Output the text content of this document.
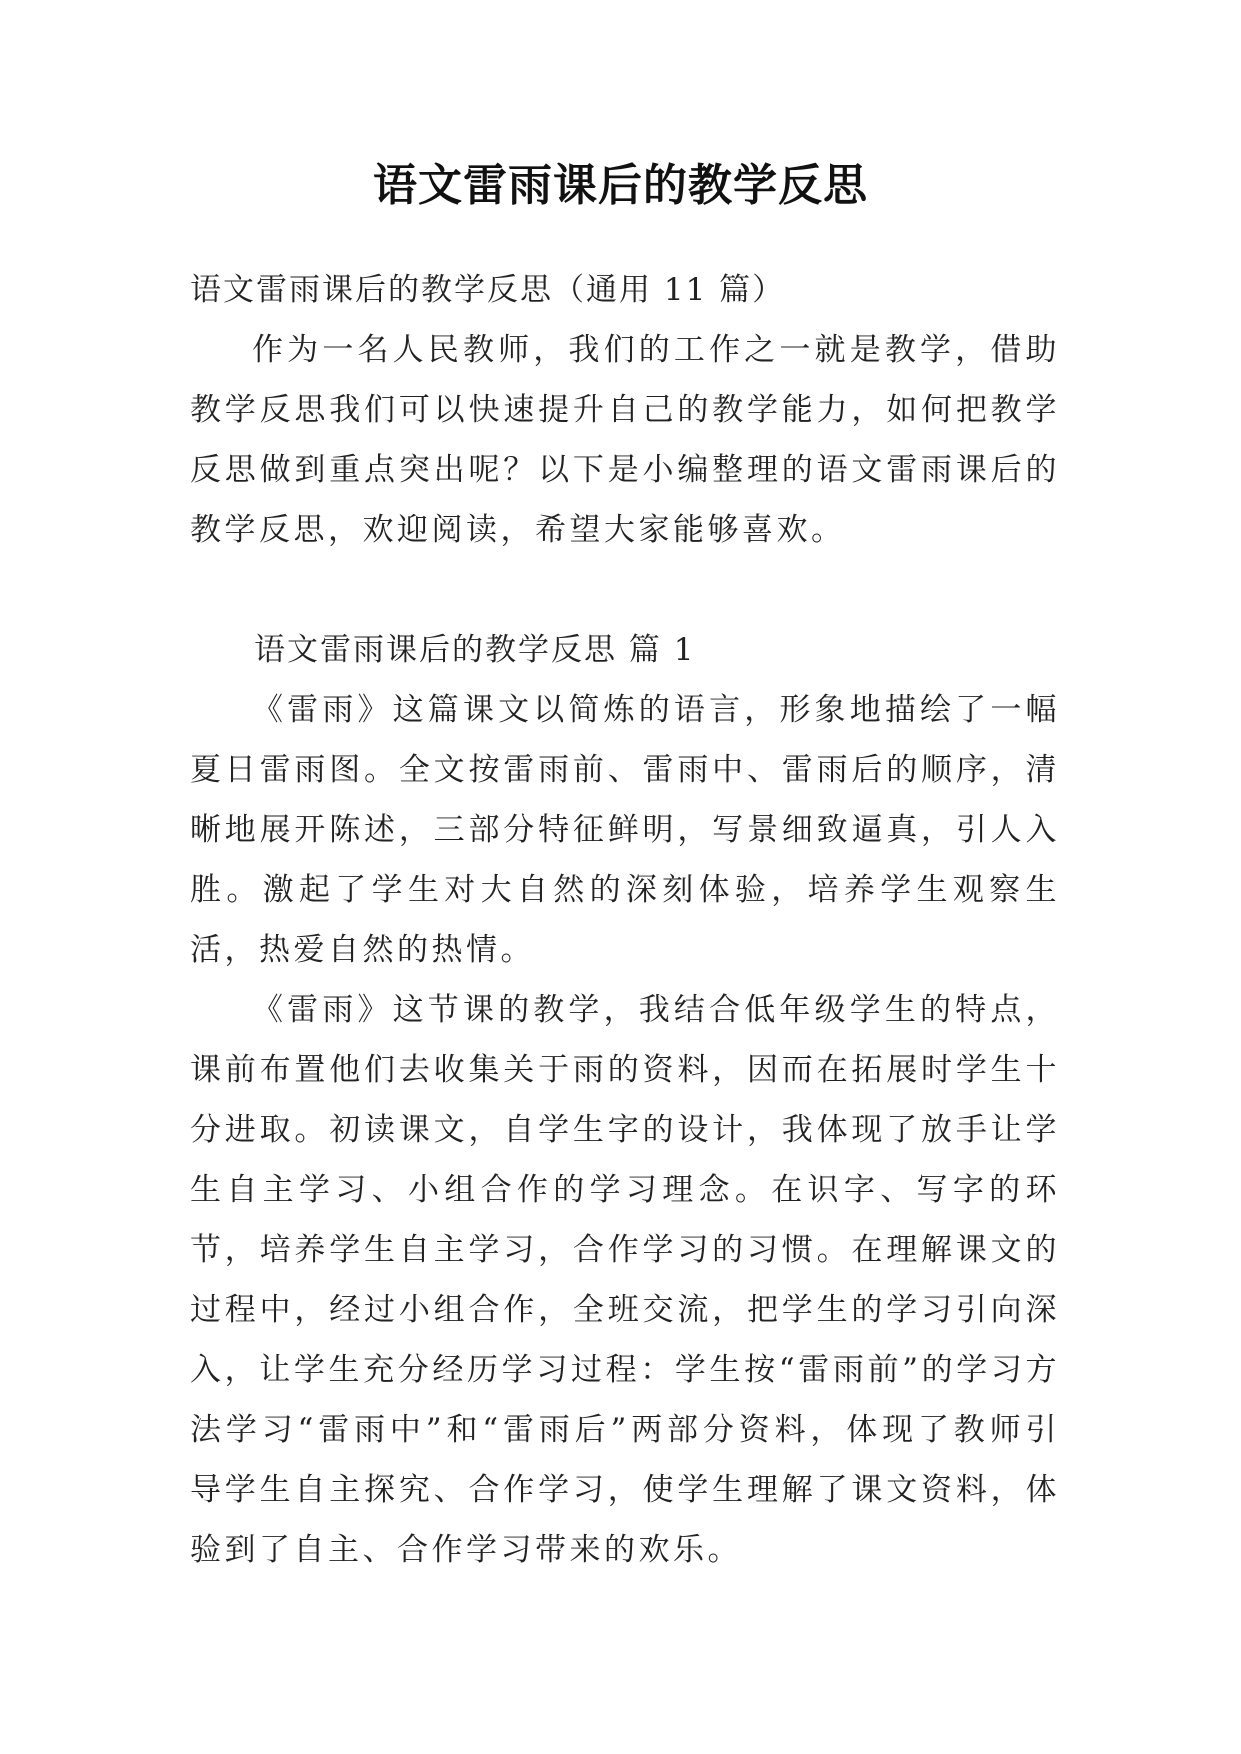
语文雷雨课后的教学反思

语文雷雨课后的教学反思（通用 11 篇）

作为一名人民教师，我们的工作之一就是教学，借助教学反思我们可以快速提升自己的教学能力，如何把教学反思做到重点突出呢？以下是小编整理的语文雷雨课后的教学反思，欢迎阅读，希望大家能够喜欢。

语文雷雨课后的教学反思 篇 1

《雷雨》这篇课文以简炼的语言，形象地描绘了一幅夏日雷雨图。全文按雷雨前、雷雨中、雷雨后的顺序，清晰地展开陈述，三部分特征鲜明，写景细致逼真，引人入胜。激起了学生对大自然的深刻体验，培养学生观察生活，热爱自然的热情。

《雷雨》这节课的教学，我结合低年级学生的特点，课前布置他们去收集关于雨的资料，因而在拓展时学生十分进取。初读课文，自学生字的设计，我体现了放手让学生自主学习、小组合作的学习理念。在识字、写字的环节，培养学生自主学习，合作学习的习惯。在理解课文的过程中，经过小组合作，全班交流，把学生的学习引向深入，让学生充分经历学习过程：学生按“雷雨前”的学习方法学习“雷雨中”和“雷雨后”两部分资料，体现了教师引导学生自主探究、合作学习，使学生理解了课文资料，体验到了自主、合作学习带来的欢乐。
